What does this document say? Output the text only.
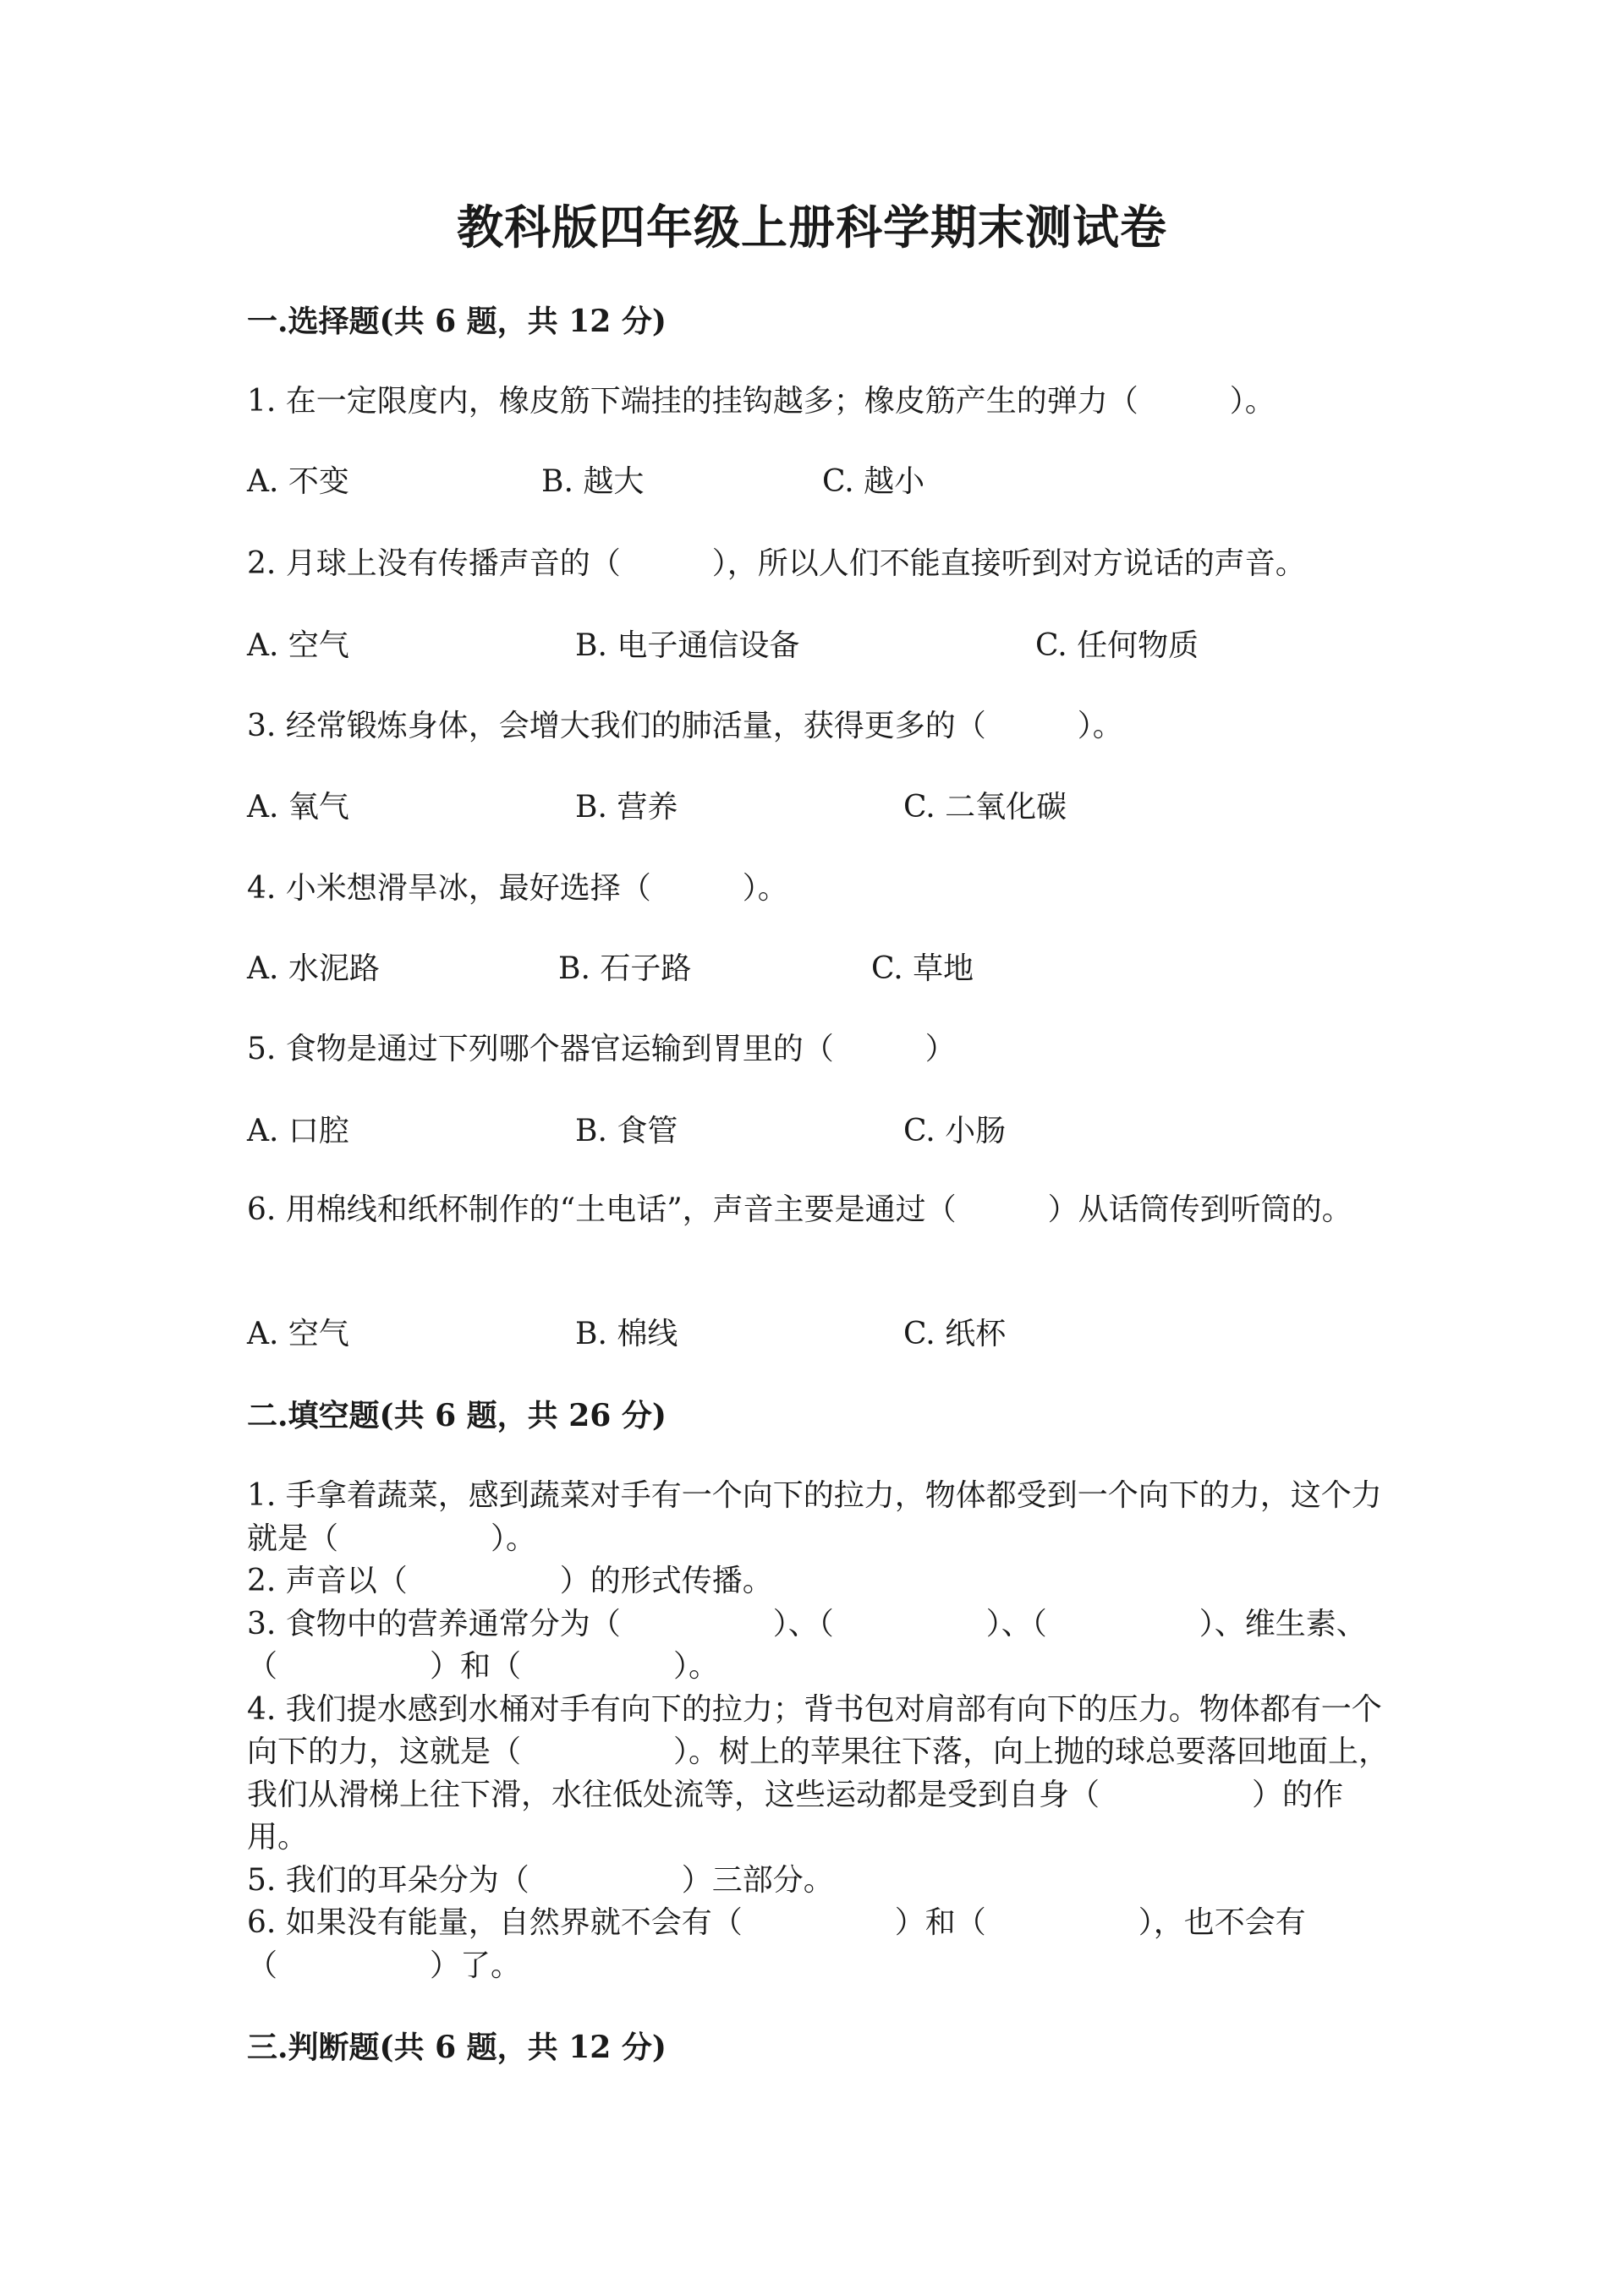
教科版四年级上册科学期末测试卷
一.选择题(共 6 题，共 12 分)
1. 在一定限度内，橡皮筋下端挂的挂钩越多；橡皮筋产生的弹力（　　　）。
A. 不变	B. 越大	C. 越小
2. 月球上没有传播声音的（　　　），所以人们不能直接听到对方说话的声音。
A. 空气	B. 电子通信设备	C. 任何物质
3. 经常锻炼身体，会增大我们的肺活量，获得更多的（　　　）。
A. 氧气	B. 营养	C. 二氧化碳
4. 小米想滑旱冰，最好选择（　　　）。
A. 水泥路	B. 石子路	C. 草地
5. 食物是通过下列哪个器官运输到胃里的（　　　）
A. 口腔	B. 食管	C. 小肠
6. 用棉线和纸杯制作的“土电话”，声音主要是通过（　　　）从话筒传到听筒的。
A. 空气	B. 棉线	C. 纸杯
二.填空题(共 6 题，共 26 分)
1. 手拿着蔬菜，感到蔬菜对手有一个向下的拉力，物体都受到一个向下的力，这个力就是（　　　　　）。
2. 声音以（　　　　　）的形式传播。
3. 食物中的营养通常分为（　　　　　）、（　　　　　）、（　　　　　）、维生素、（　　　　　）和（　　　　　）。
4. 我们提水感到水桶对手有向下的拉力；背书包对肩部有向下的压力。物体都有一个向下的力，这就是（　　　　　）。树上的苹果往下落，向上抛的球总要落回地面上，我们从滑梯上往下滑，水往低处流等，这些运动都是受到自身（　　　　　）的作用。
5. 我们的耳朵分为（　　　　　）三部分。
6. 如果没有能量，自然界就不会有（　　　　　）和（　　　　　），也不会有（　　　　　）了。
三.判断题(共 6 题，共 12 分)
